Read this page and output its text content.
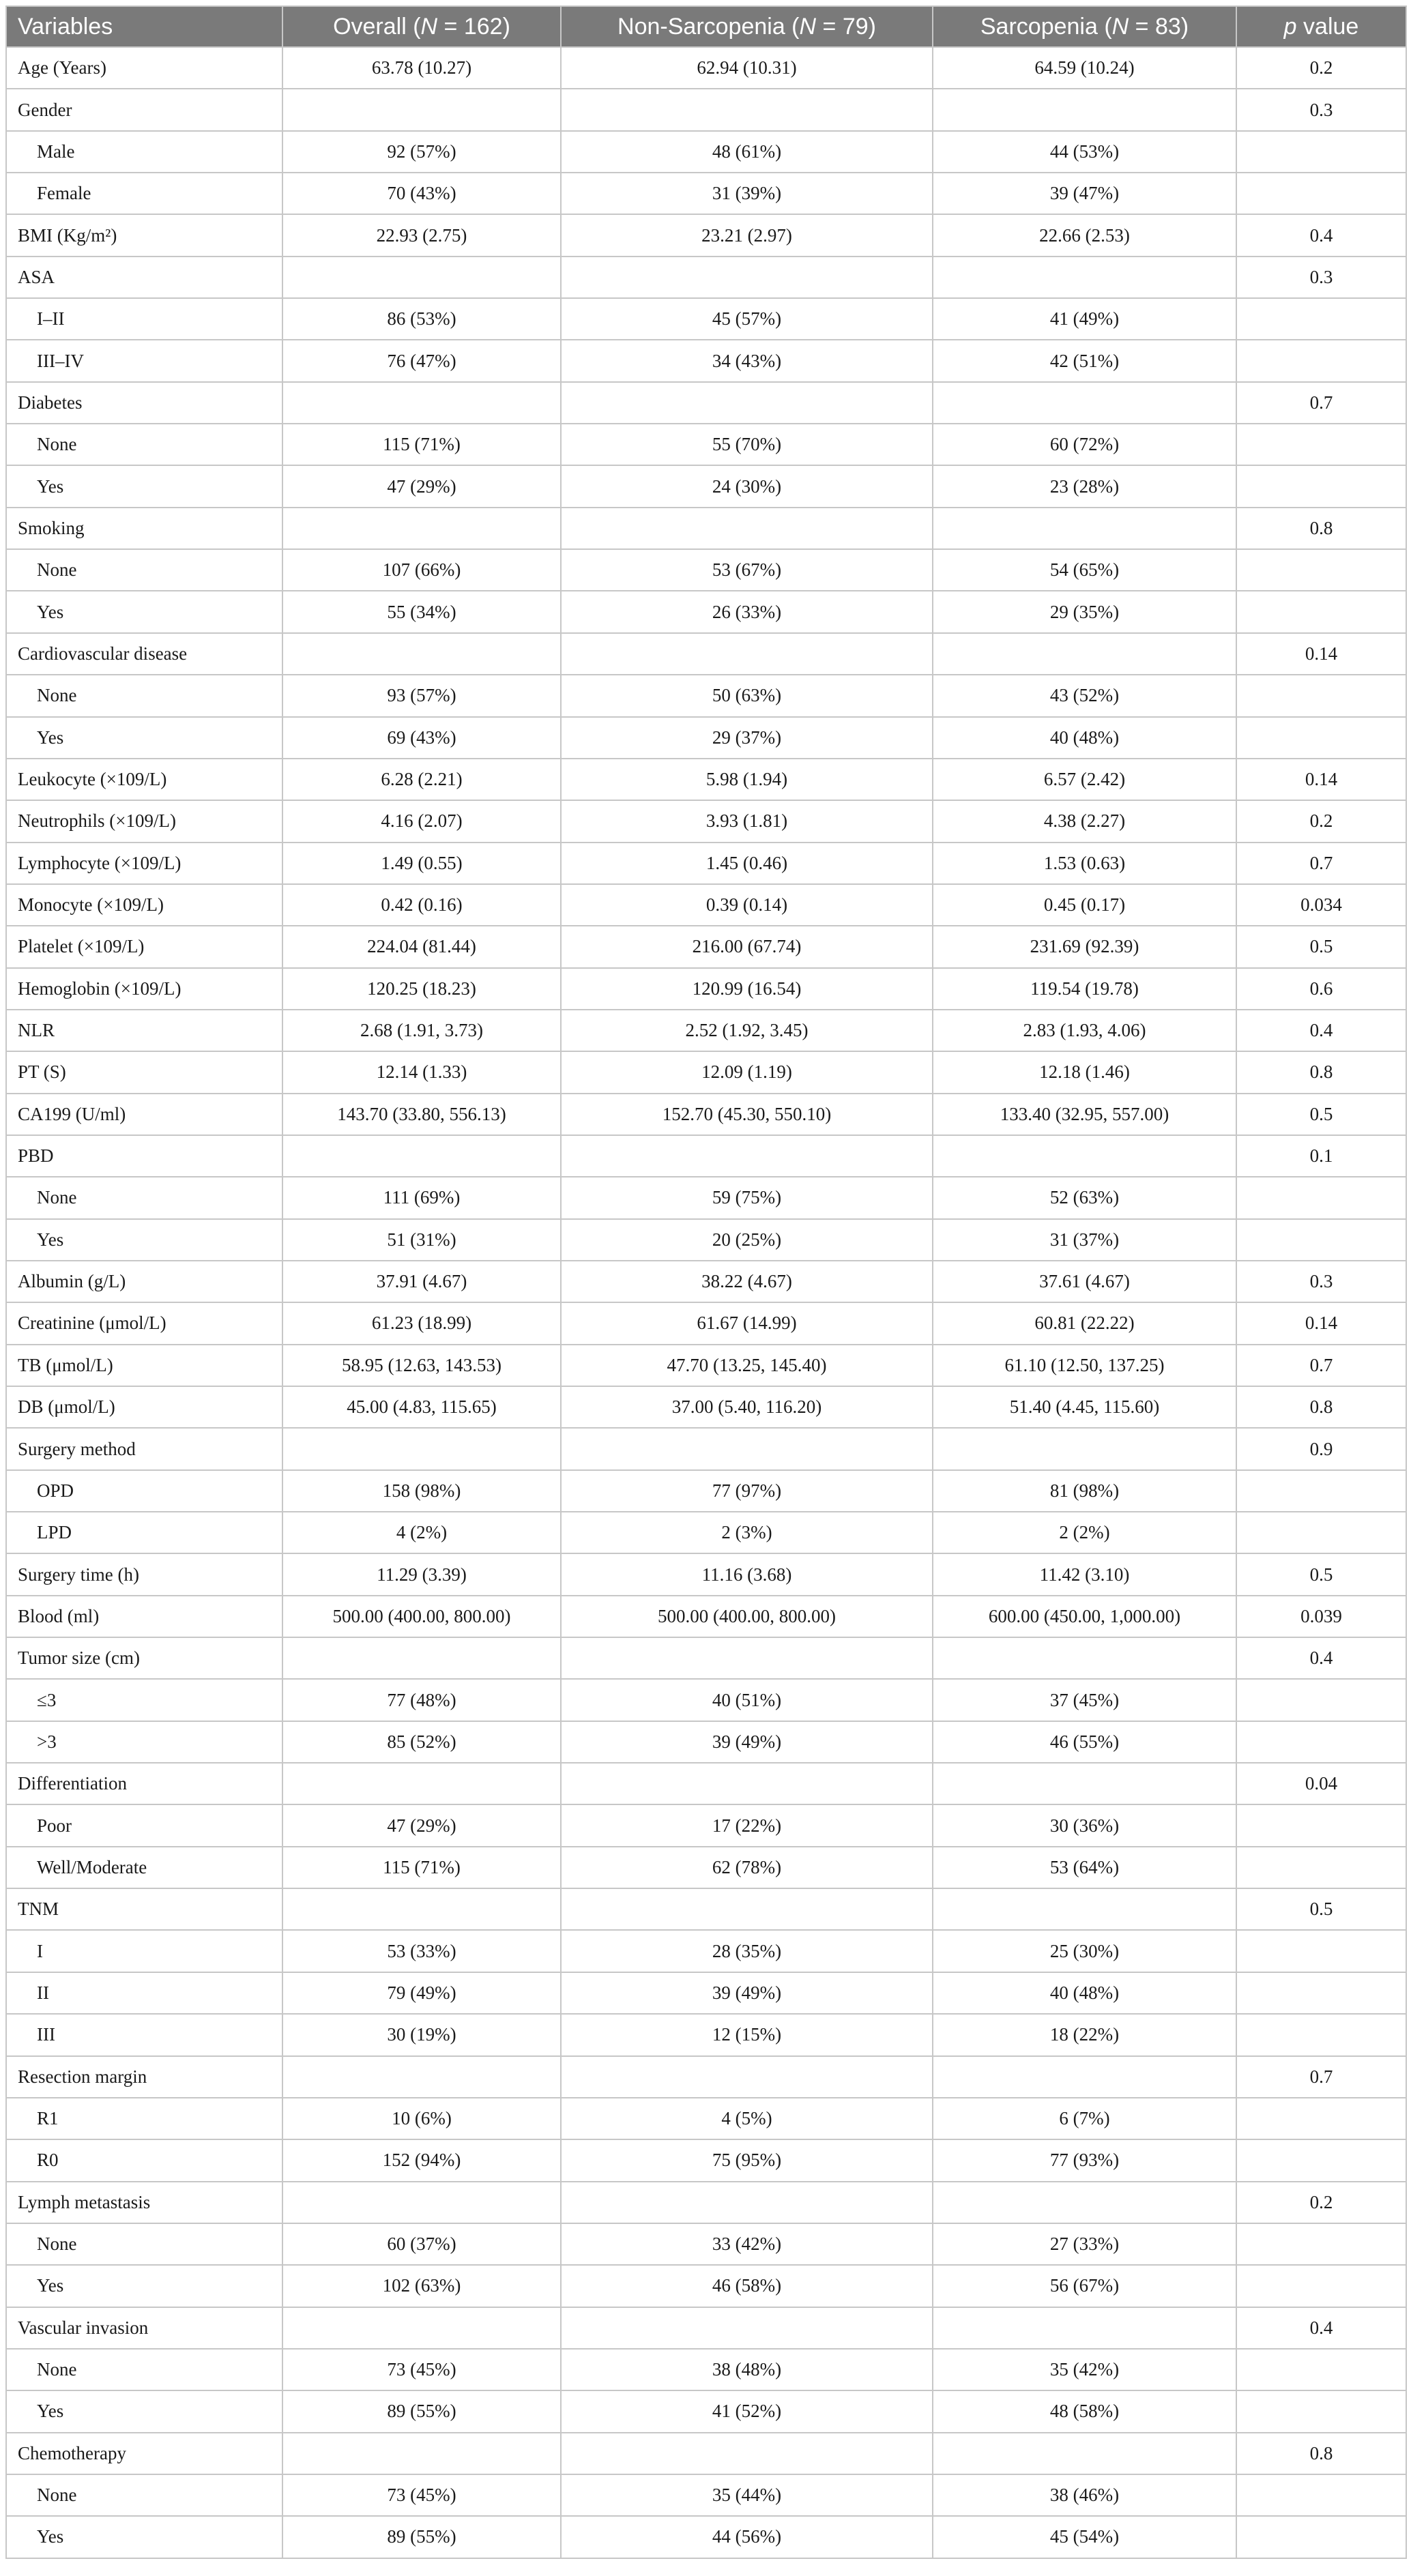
Variables	Overall (N = 162)	Non-Sarcopenia (N = 79)	Sarcopenia (N = 83)	p value
Age (Years)	63.78 (10.27)	62.94 (10.31)	64.59 (10.24)	0.2
Gender				0.3
Male	92 (57%)	48 (61%)	44 (53%)	
Female	70 (43%)	31 (39%)	39 (47%)	
BMI (Kg/m²)	22.93 (2.75)	23.21 (2.97)	22.66 (2.53)	0.4
ASA				0.3
I–II	86 (53%)	45 (57%)	41 (49%)	
III–IV	76 (47%)	34 (43%)	42 (51%)	
Diabetes				0.7
None	115 (71%)	55 (70%)	60 (72%)	
Yes	47 (29%)	24 (30%)	23 (28%)	
Smoking				0.8
None	107 (66%)	53 (67%)	54 (65%)	
Yes	55 (34%)	26 (33%)	29 (35%)	
Cardiovascular disease				0.14
None	93 (57%)	50 (63%)	43 (52%)	
Yes	69 (43%)	29 (37%)	40 (48%)	
Leukocyte (×109/L)	6.28 (2.21)	5.98 (1.94)	6.57 (2.42)	0.14
Neutrophils (×109/L)	4.16 (2.07)	3.93 (1.81)	4.38 (2.27)	0.2
Lymphocyte (×109/L)	1.49 (0.55)	1.45 (0.46)	1.53 (0.63)	0.7
Monocyte (×109/L)	0.42 (0.16)	0.39 (0.14)	0.45 (0.17)	0.034
Platelet (×109/L)	224.04 (81.44)	216.00 (67.74)	231.69 (92.39)	0.5
Hemoglobin (×109/L)	120.25 (18.23)	120.99 (16.54)	119.54 (19.78)	0.6
NLR	2.68 (1.91, 3.73)	2.52 (1.92, 3.45)	2.83 (1.93, 4.06)	0.4
PT (S)	12.14 (1.33)	12.09 (1.19)	12.18 (1.46)	0.8
CA199 (U/ml)	143.70 (33.80, 556.13)	152.70 (45.30, 550.10)	133.40 (32.95, 557.00)	0.5
PBD				0.1
None	111 (69%)	59 (75%)	52 (63%)	
Yes	51 (31%)	20 (25%)	31 (37%)	
Albumin (g/L)	37.91 (4.67)	38.22 (4.67)	37.61 (4.67)	0.3
Creatinine (μmol/L)	61.23 (18.99)	61.67 (14.99)	60.81 (22.22)	0.14
TB (μmol/L)	58.95 (12.63, 143.53)	47.70 (13.25, 145.40)	61.10 (12.50, 137.25)	0.7
DB (μmol/L)	45.00 (4.83, 115.65)	37.00 (5.40, 116.20)	51.40 (4.45, 115.60)	0.8
Surgery method				0.9
OPD	158 (98%)	77 (97%)	81 (98%)	
LPD	4 (2%)	2 (3%)	2 (2%)	
Surgery time (h)	11.29 (3.39)	11.16 (3.68)	11.42 (3.10)	0.5
Blood (ml)	500.00 (400.00, 800.00)	500.00 (400.00, 800.00)	600.00 (450.00, 1,000.00)	0.039
Tumor size (cm)				0.4
≤3	77 (48%)	40 (51%)	37 (45%)	
>3	85 (52%)	39 (49%)	46 (55%)	
Differentiation				0.04
Poor	47 (29%)	17 (22%)	30 (36%)	
Well/Moderate	115 (71%)	62 (78%)	53 (64%)	
TNM				0.5
I	53 (33%)	28 (35%)	25 (30%)	
II	79 (49%)	39 (49%)	40 (48%)	
III	30 (19%)	12 (15%)	18 (22%)	
Resection margin				0.7
R1	10 (6%)	4 (5%)	6 (7%)	
R0	152 (94%)	75 (95%)	77 (93%)	
Lymph metastasis				0.2
None	60 (37%)	33 (42%)	27 (33%)	
Yes	102 (63%)	46 (58%)	56 (67%)	
Vascular invasion				0.4
None	73 (45%)	38 (48%)	35 (42%)	
Yes	89 (55%)	41 (52%)	48 (58%)	
Chemotherapy				0.8
None	73 (45%)	35 (44%)	38 (46%)	
Yes	89 (55%)	44 (56%)	45 (54%)	
